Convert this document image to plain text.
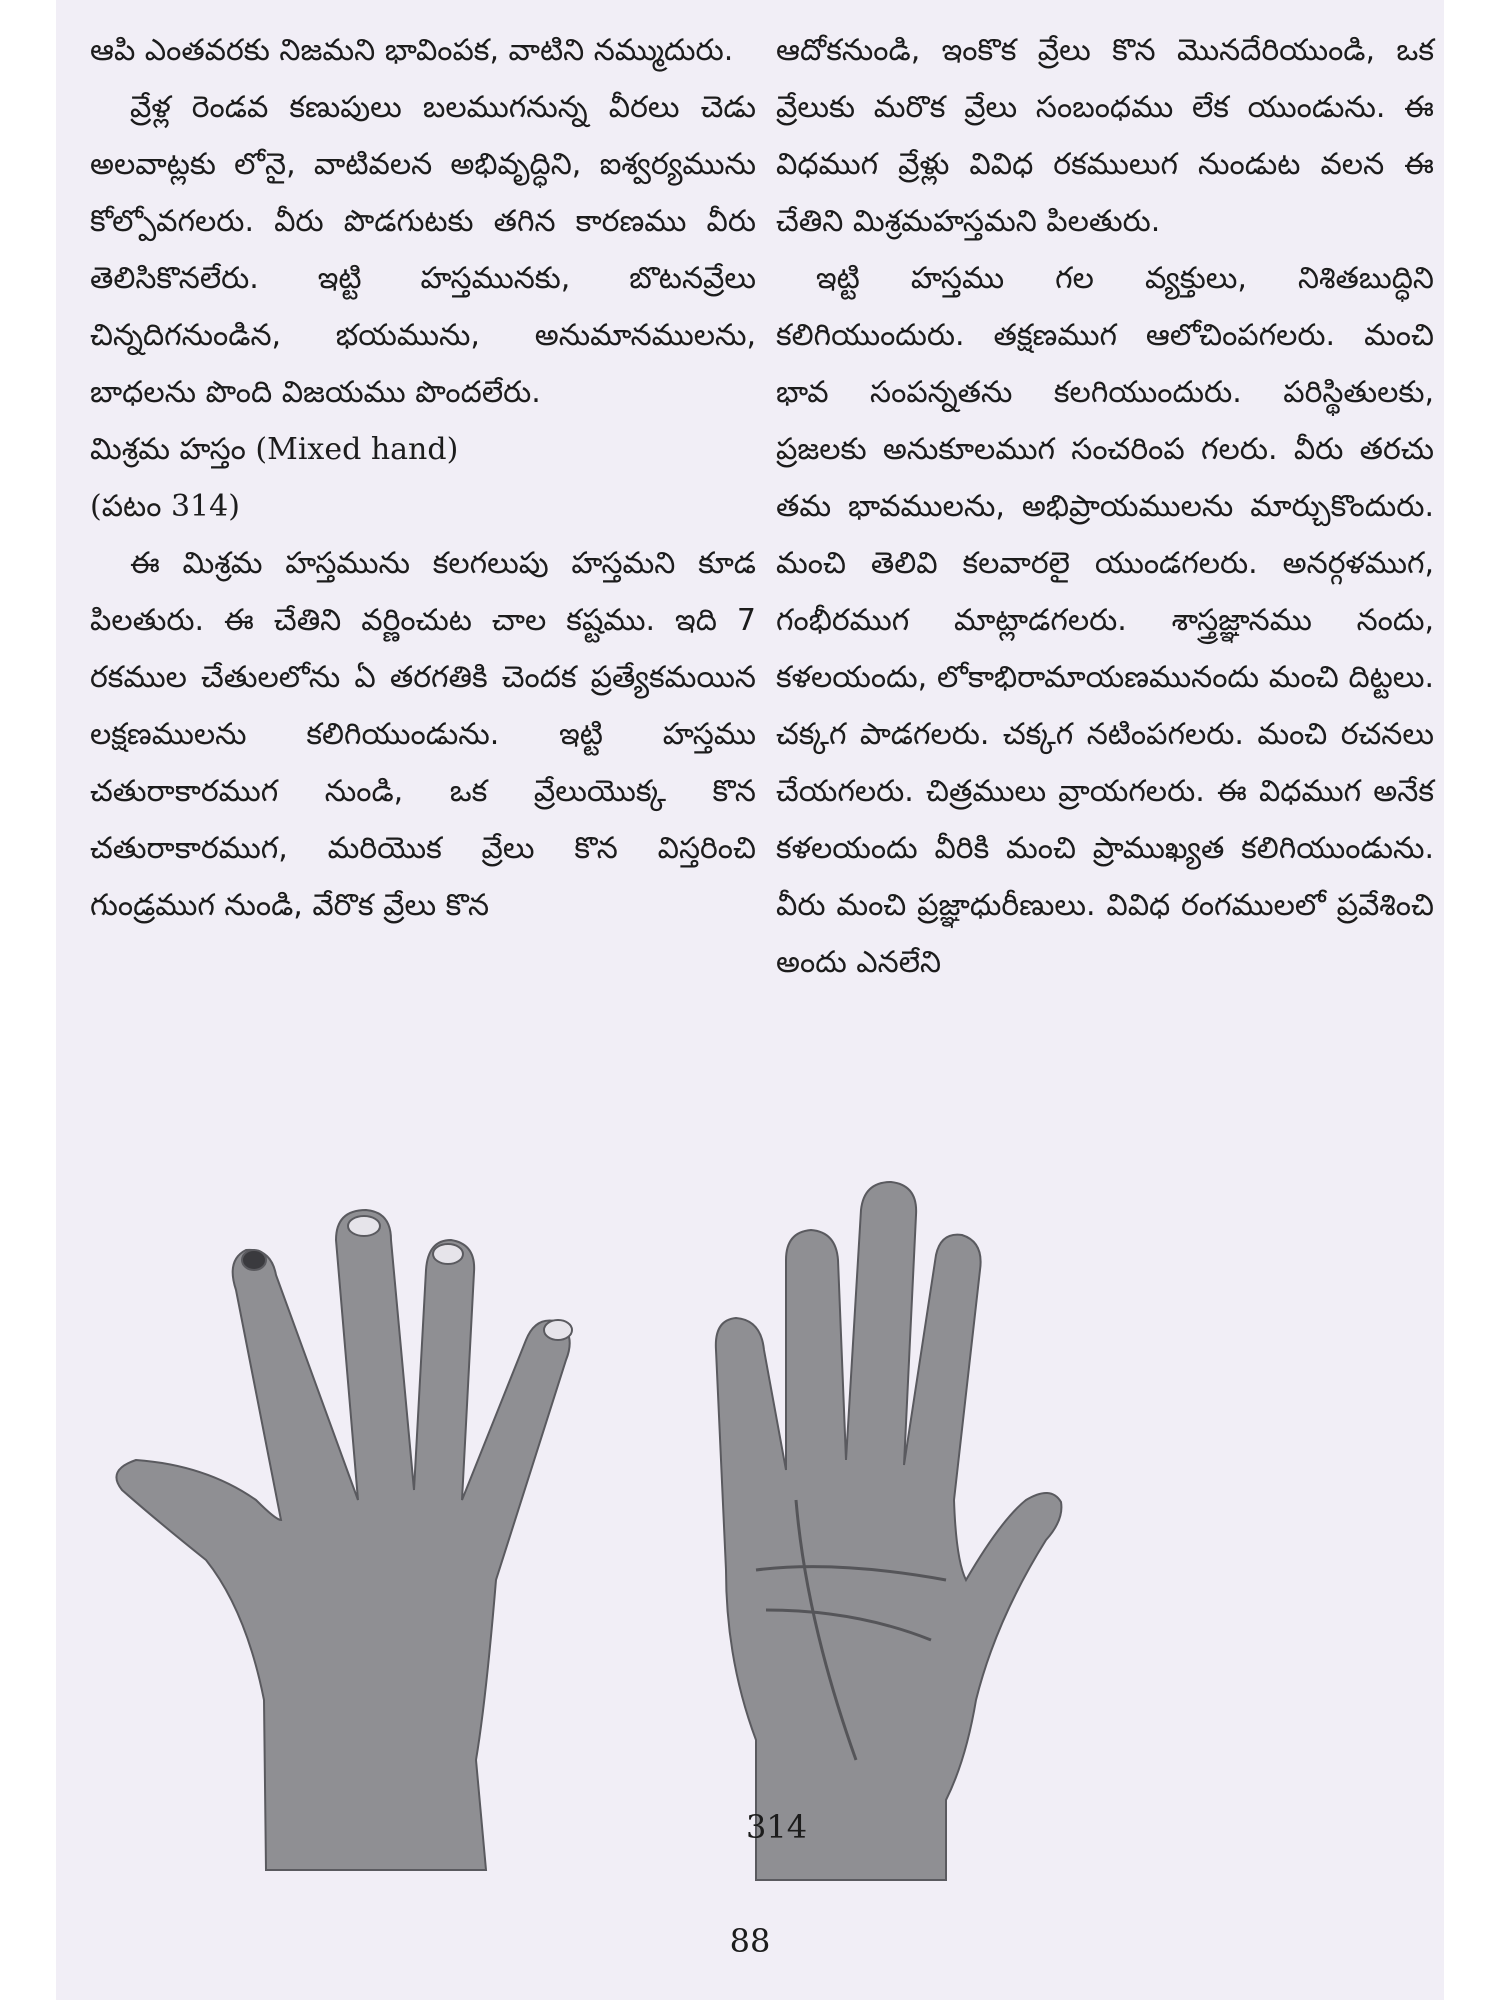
ఆపి ఎంతవరకు నిజమని భావింపక, వాటిని నమ్ముదురు.

వ్రేళ్ల రెండవ కణుపులు బలముగనున్న వీరలు చెడు అలవాట్లకు లోనై, వాటివలన అభివృద్ధిని, ఐశ్వర్యమును కోల్పోవగలరు. వీరు పొడగుటకు తగిన కారణము వీరు తెలిసికొనలేరు. ఇట్టి హస్తమునకు, బొటనవ్రేలు చిన్నదిగనుండిన, భయమును, అనుమానములను, బాధలను పొంది విజయము పొందలేరు.

మిశ్రమ హస్తం (Mixed hand)

(పటం 314)

ఈ మిశ్రమ హస్తమును కలగలుపు హస్తమని కూడ పిలతురు. ఈ చేతిని వర్ణించుట చాల కష్టము. ఇది 7 రకముల చేతులలోను ఏ తరగతికి చెందక ప్రత్యేకమయిన లక్షణములను కలిగియుండును. ఇట్టి హస్తము చతురాకారముగ నుండి, ఒక వ్రేలుయొక్క కొన చతురాకారముగ, మరియొక వ్రేలు కొన విస్తరించి గుండ్రముగ నుండి, వేరొక వ్రేలు కొన

ఆదోకనుండి, ఇంకొక వ్రేలు కొన మొనదేరియుండి, ఒక వ్రేలుకు మరొక వ్రేలు సంబంధము లేక యుండును. ఈ విధముగ వ్రేళ్లు వివిధ రకములుగ నుండుట వలన ఈ చేతిని మిశ్రమహస్తమని పిలతురు.

ఇట్టి హస్తము గల వ్యక్తులు, నిశితబుద్ధిని కలిగియుందురు. తక్షణముగ ఆలోచింపగలరు. మంచి భావ సంపన్నతను కలగియుందురు. పరిస్థితులకు, ప్రజలకు అనుకూలముగ సంచరింప గలరు. వీరు తరచు తమ భావములను, అభిప్రాయములను మార్చుకొందురు. మంచి తెలివి కలవారలై యుండగలరు. అనర్గళముగ, గంభీరముగ మాట్లాడగలరు. శాస్త్రజ్ఞానము నందు, కళలయందు, లోకాభిరామాయణమునందు మంచి దిట్టలు. చక్కగ పాడగలరు. చక్కగ నటింపగలరు. మంచి రచనలు చేయగలరు. చిత్రములు వ్రాయగలరు. ఈ విధముగ అనేక కళలయందు వీరికి మంచి ప్రాముఖ్యత కలిగియుండును. వీరు మంచి ప్రజ్ఞాధురీణులు. వివిధ రంగములలో ప్రవేశించి అందు ఎనలేని

314
88
